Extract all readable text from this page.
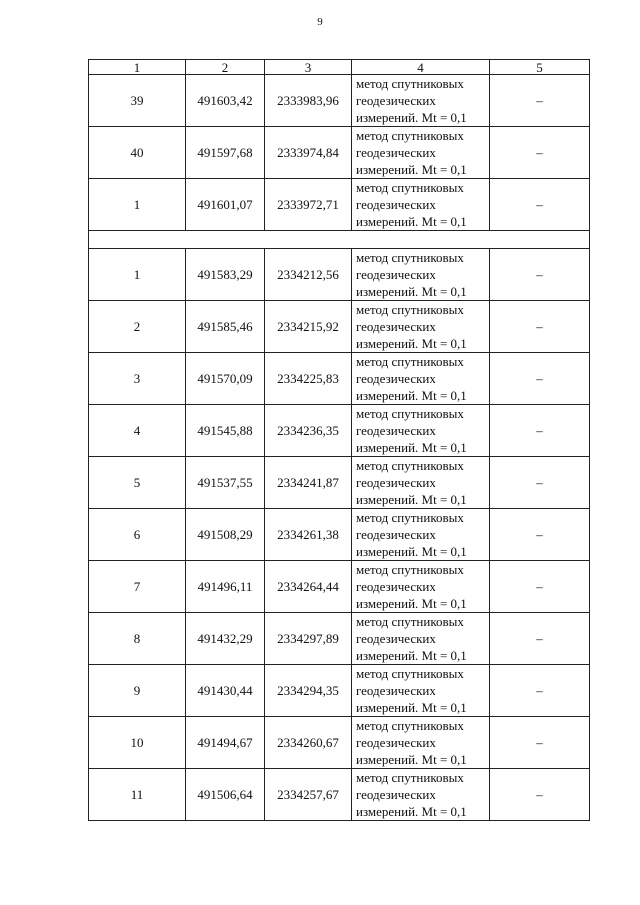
9
1	2	3	4	5
39	491603,42	2333983,96	метод спутниковых
геодезических
измерений. Mt = 0,1	–
40	491597,68	2333974,84	метод спутниковых
геодезических
измерений. Mt = 0,1	–
1	491601,07	2333972,71	метод спутниковых
геодезических
измерений. Mt = 0,1	–

1	491583,29	2334212,56	метод спутниковых
геодезических
измерений. Mt = 0,1	–
2	491585,46	2334215,92	метод спутниковых
геодезических
измерений. Mt = 0,1	–
3	491570,09	2334225,83	метод спутниковых
геодезических
измерений. Mt = 0,1	–
4	491545,88	2334236,35	метод спутниковых
геодезических
измерений. Mt = 0,1	–
5	491537,55	2334241,87	метод спутниковых
геодезических
измерений. Mt = 0,1	–
6	491508,29	2334261,38	метод спутниковых
геодезических
измерений. Mt = 0,1	–
7	491496,11	2334264,44	метод спутниковых
геодезических
измерений. Mt = 0,1	–
8	491432,29	2334297,89	метод спутниковых
геодезических
измерений. Mt = 0,1	–
9	491430,44	2334294,35	метод спутниковых
геодезических
измерений. Mt = 0,1	–
10	491494,67	2334260,67	метод спутниковых
геодезических
измерений. Mt = 0,1	–
11	491506,64	2334257,67	метод спутниковых
геодезических
измерений. Mt = 0,1	–
